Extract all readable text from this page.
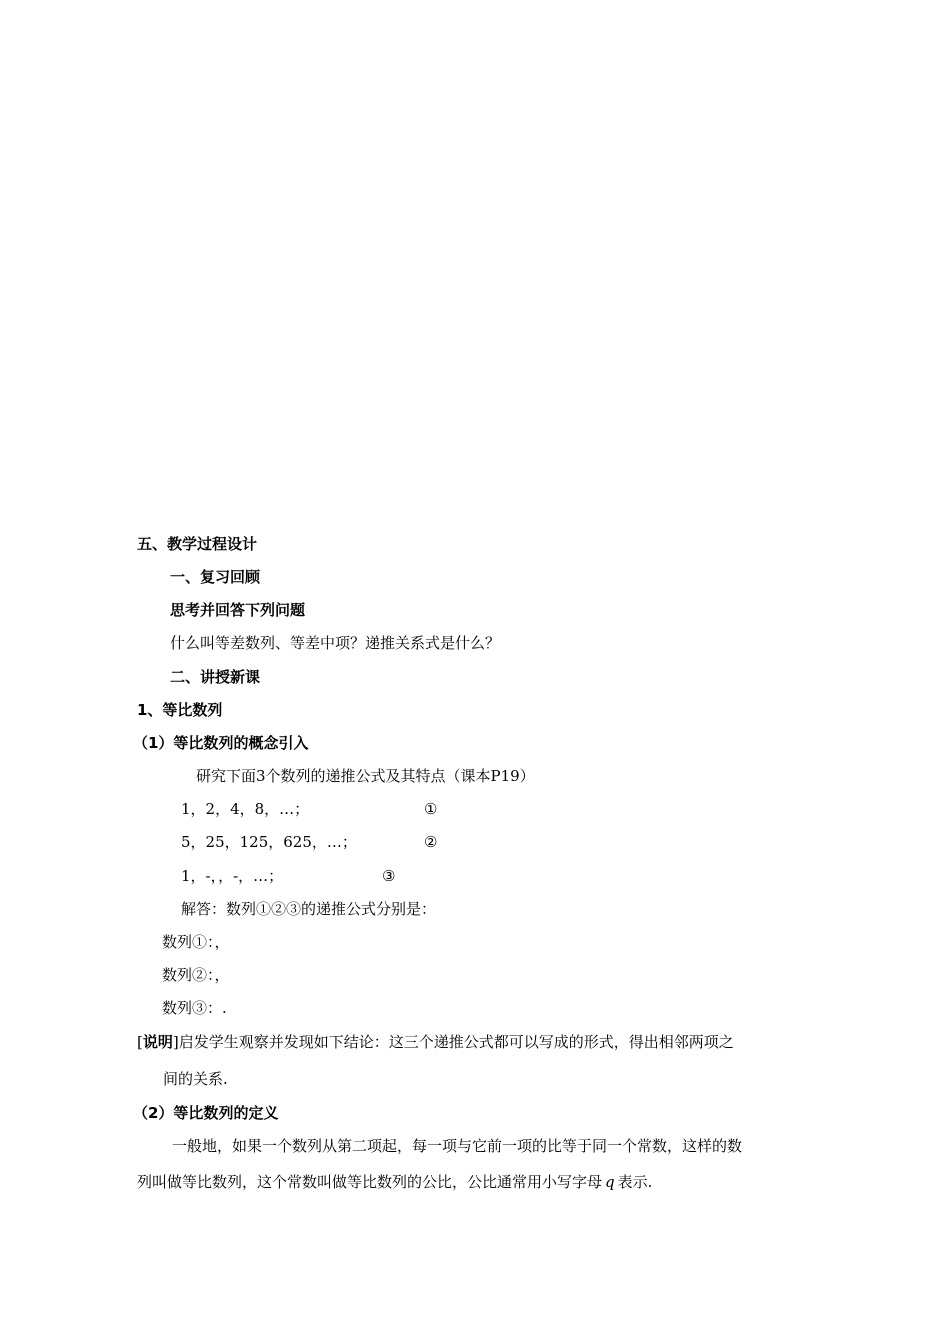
五、教学过程设计
一、复习回顾
思考并回答下列问题
什么叫等差数列、等差中项？递推关系式是什么？
二、讲授新课
1、等比数列
（1）等比数列的概念引入
研究下面3个数列的递推公式及其特点（课本P19）
1，2，4，8，…；	①
5，25，125，625，…；	②
1，-，，-，…；	③
解答：数列①②③的递推公式分别是：
数列①：，
数列②：，
数列③：.
[说明]启发学生观察并发现如下结论：这三个递推公式都可以写成的形式，得出相邻两项之
间的关系.
（2）等比数列的定义
一般地，如果一个数列从第二项起，每一项与它前一项的比等于同一个常数，这样的数
列叫做等比数列，这个常数叫做等比数列的公比，公比通常用小写字母 q 表示.
